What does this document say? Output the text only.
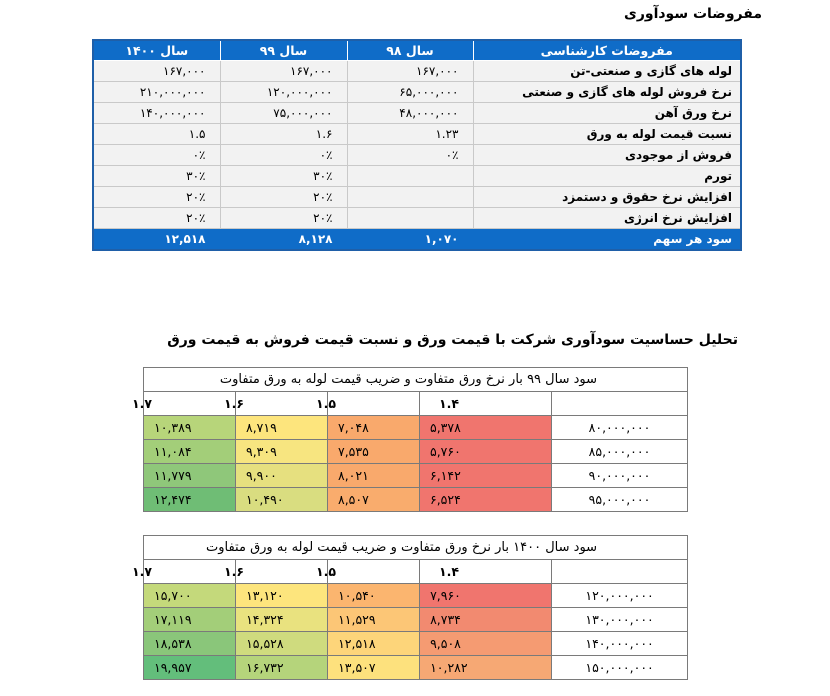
مفروضات سودآوری
مفروضات کارشناسی	سال ۹۸	سال ۹۹	سال ۱۴۰۰
لوله های گازی و صنعتی-تن	۱۶۷,۰۰۰	۱۶۷,۰۰۰	۱۶۷,۰۰۰
نرخ فروش لوله های گازی و صنعتی	۶۵,۰۰۰,۰۰۰	۱۲۰,۰۰۰,۰۰۰	۲۱۰,۰۰۰,۰۰۰
نرخ ورق آهن	۴۸,۰۰۰,۰۰۰	۷۵,۰۰۰,۰۰۰	۱۴۰,۰۰۰,۰۰۰
نسبت قیمت لوله به ورق	۱.۲۳	۱.۶	۱.۵
فروش از موجودی	۰٪	۰٪	۰٪
تورم		۳۰٪	۳۰٪
افزایش نرخ حقوق و دستمزد		۲۰٪	۲۰٪
افزایش نرخ انرژی		۲۰٪	۲۰٪
سود هر سهم	۱,۰۷۰	۸,۱۲۸	۱۲,۵۱۸
تحلیل حساسیت سودآوری شرکت با قیمت ورق و نسبت قیمت فروش به قیمت ورق
سود سال ۹۹ بار نرخ ورق متفاوت و ضریب قیمت لوله به ورق متفاوت				
	۱.۴	۱.۵	۱.۶	۱.۷
۸۰,۰۰۰,۰۰۰	۵,۳۷۸	۷,۰۴۸	۸,۷۱۹	۱۰,۳۸۹
۸۵,۰۰۰,۰۰۰	۵,۷۶۰	۷,۵۳۵	۹,۳۰۹	۱۱,۰۸۴
۹۰,۰۰۰,۰۰۰	۶,۱۴۲	۸,۰۲۱	۹,۹۰۰	۱۱,۷۷۹
۹۵,۰۰۰,۰۰۰	۶,۵۲۴	۸,۵۰۷	۱۰,۴۹۰	۱۲,۴۷۴
سود سال ۱۴۰۰ بار نرخ ورق متفاوت و ضریب قیمت لوله به ورق متفاوت				
	۱.۴	۱.۵	۱.۶	۱.۷
۱۲۰,۰۰۰,۰۰۰	۷,۹۶۰	۱۰,۵۴۰	۱۳,۱۲۰	۱۵,۷۰۰
۱۳۰,۰۰۰,۰۰۰	۸,۷۳۴	۱۱,۵۲۹	۱۴,۳۲۴	۱۷,۱۱۹
۱۴۰,۰۰۰,۰۰۰	۹,۵۰۸	۱۲,۵۱۸	۱۵,۵۲۸	۱۸,۵۳۸
۱۵۰,۰۰۰,۰۰۰	۱۰,۲۸۲	۱۳,۵۰۷	۱۶,۷۳۲	۱۹,۹۵۷
